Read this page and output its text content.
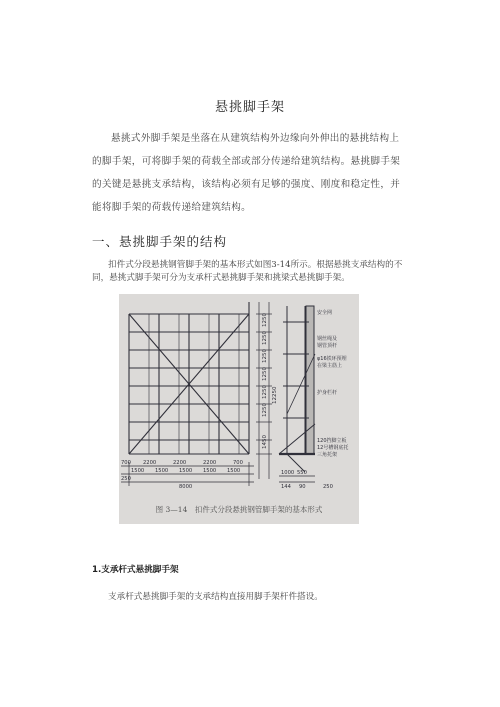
悬挑脚手架

悬挑式外脚手架是坐落在从建筑结构外边缘向外伸出的悬挑结构上的脚手架，可将脚手架的荷载全部或部分传递给建筑结构。悬挑脚手架的关键是悬挑支承结构，该结构必须有足够的强度、刚度和稳定性，并能将脚手架的荷载传递给建筑结构。

一、悬挑脚手架的结构

扣件式分段悬挑钢管脚手架的基本形式如图3-14所示。根据悬挑支承结构的不同，悬挑式脚手架可分为支承杆式悬挑脚手架和挑梁式悬挑脚手架。

1250
1250
1250
1250
1250
1250
1450
12250
安全网
钢丝绳及
钢管顶杆
φ16铁环预埋
在梁主筋上
护身栏杆
120挡脚立板
12号槽钢底托
三角托架
700 2200	2200	2200	700
1500 1500 1500 1500 1500
250
8000
1000 550
144 90	250
图 3—14　扣件式分段悬挑钢管脚手架的基本形式
1.支承杆式悬挑脚手架

支承杆式悬挑脚手架的支承结构直接用脚手架杆件搭设。
